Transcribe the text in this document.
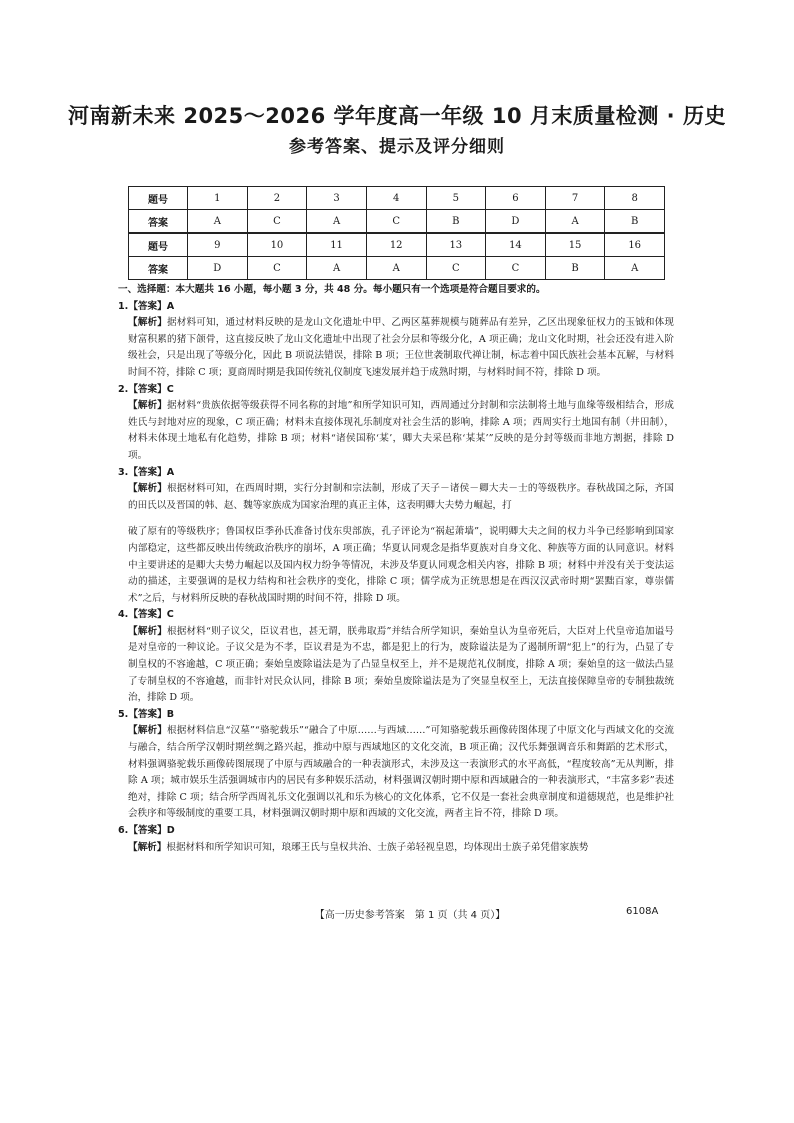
河南新未来 2025～2026 学年度高一年级 10 月末质量检测 · 历史
参考答案、提示及评分细则
题号	1	2	3	4	5	6	7	8
答案	A	C	A	C	B	D	A	B
题号	9	10	11	12	13	14	15	16
答案	D	C	A	A	C	C	B	A
一、选择题：本大题共 16 小题，每小题 3 分，共 48 分。每小题只有一个选项是符合题目要求的。
1.【答案】A
【解析】据材料可知，通过材料反映的是龙山文化遗址中甲、乙两区墓葬规模与随葬品有差异，乙区出现象征权力的玉钺和体现财富积累的猪下颌骨，这直接反映了龙山文化遗址中出现了社会分层和等级分化，A 项正确；龙山文化时期，社会还没有进入阶级社会，只是出现了等级分化，因此 B 项说法错误，排除 B 项；王位世袭制取代禅让制，标志着中国氏族社会基本瓦解，与材料时间不符，排除 C 项；夏商周时期是我国传统礼仪制度飞速发展并趋于成熟时期，与材料时间不符，排除 D 项。
2.【答案】C
【解析】据材料“贵族依据等级获得不同名称的封地”和所学知识可知，西周通过分封制和宗法制将土地与血缘等级相结合，形成姓氏与封地对应的现象，C 项正确；材料未直接体现礼乐制度对社会生活的影响，排除 A 项；西周实行土地国有制（井田制），材料未体现土地私有化趋势，排除 B 项；材料“诸侯国称‘某’，卿大夫采邑称‘某某’”反映的是分封等级而非地方割据，排除 D 项。
3.【答案】A
【解析】根据材料可知，在西周时期，实行分封制和宗法制，形成了天子－诸侯－卿大夫－士的等级秩序。春秋战国之际，齐国的田氏以及晋国的韩、赵、魏等家族成为国家治理的真正主体，这表明卿大夫势力崛起，打
破了原有的等级秩序；鲁国权臣季孙氏准备讨伐东臾部族，孔子评论为“祸起萧墙”，说明卿大夫之间的权力斗争已经影响到国家内部稳定，这些都反映出传统政治秩序的崩坏，A 项正确；华夏认同观念是指华夏族对自身文化、种族等方面的认同意识。材料中主要讲述的是卿大夫势力崛起以及国内权力纷争等情况，未涉及华夏认同观念相关内容，排除 B 项；材料中并没有关于变法运动的描述，主要强调的是权力结构和社会秩序的变化，排除 C 项；儒学成为正统思想是在西汉汉武帝时期“罢黜百家，尊崇儒术”之后，与材料所反映的春秋战国时期的时间不符，排除 D 项。
4.【答案】C
【解析】根据材料“则子议父，臣议君也，甚无谓，朕弗取焉”并结合所学知识，秦始皇认为皇帝死后，大臣对上代皇帝追加谥号是对皇帝的一种议论。子议父是为不孝，臣议君是为不忠，都是犯上的行为，废除谥法是为了遏制所谓“犯上”的行为，凸显了专制皇权的不容逾越，C 项正确；秦始皇废除谥法是为了凸显皇权至上，并不是规范礼仪制度，排除 A 项；秦始皇的这一做法凸显了专制皇权的不容逾越，而非针对民众认同，排除 B 项；秦始皇废除谥法是为了突显皇权至上，无法直接保障皇帝的专制独裁统治，排除 D 项。
5.【答案】B
【解析】根据材料信息“汉墓”“骆驼载乐”“融合了中原……与西域……”可知骆驼载乐画像砖图体现了中原文化与西域文化的交流与融合，结合所学汉朝时期丝绸之路兴起，推动中原与西域地区的文化交流，B 项正确；汉代乐舞强调音乐和舞蹈的艺术形式，材料强调骆驼载乐画像砖图展现了中原与西域融合的一种表演形式，未涉及这一表演形式的水平高低，“程度较高”无从判断，排除 A 项；城市娱乐生活强调城市内的居民有多种娱乐活动，材料强调汉朝时期中原和西域融合的一种表演形式，“丰富多彩”表述绝对，排除 C 项；结合所学西周礼乐文化强调以礼和乐为核心的文化体系，它不仅是一套社会典章制度和道德规范，也是维护社会秩序和等级制度的重要工具，材料强调汉朝时期中原和西域的文化交流，两者主旨不符，排除 D 项。
6.【答案】D
【解析】根据材料和所学知识可知，琅琊王氏与皇权共治、士族子弟轻视皇恩，均体现出士族子弟凭借家族势
【高一历史参考答案　第 1 页（共 4 页）】	6108A
